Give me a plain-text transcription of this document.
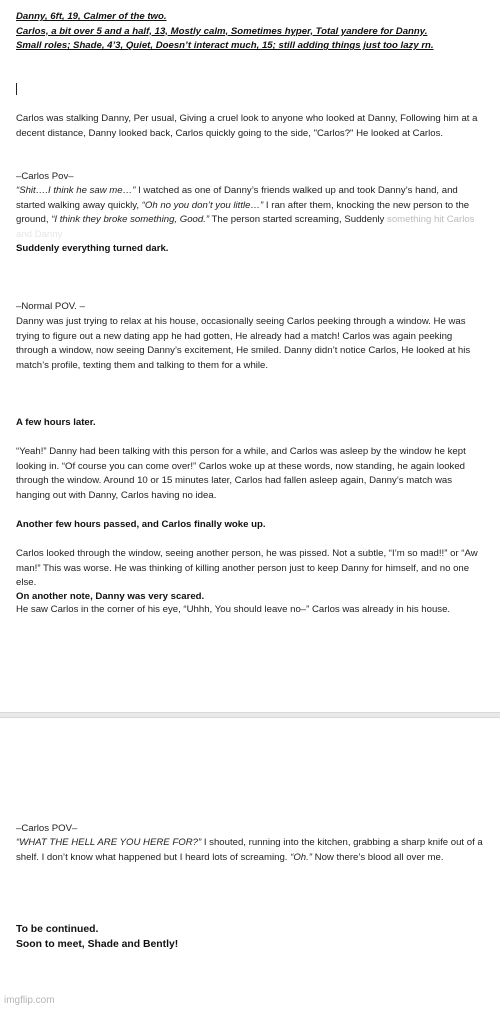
Danny, 6ft, 19, Calmer of the two.
Carlos, a bit over 5 and a half, 13, Mostly calm, Sometimes hyper, Total yandere for Danny.
Small roles; Shade, 4’3, Quiet, Doesn’t interact much, 15; still adding things just too lazy rn.

Carlos was stalking Danny, Per usual, Giving a cruel look to anyone who looked at Danny, Following him at a decent distance, Danny looked back, Carlos quickly going to the side, "Carlos?" He looked at Carlos.

–Carlos Pov–

“Shit….I think he saw me…” I watched as one of Danny’s friends walked up and took Danny’s hand, and started walking away quickly, “Oh no you don’t you little…” I ran after them, knocking the new person to the ground, “I think they broke something, Good.” The person started screaming, Suddenly something hit Carlos and Danny

Suddenly everything turned dark.

–Normal POV. –

Danny was just trying to relax at his house, occasionally seeing Carlos peeking through a window. He was trying to figure out a new dating app he had gotten, He already had a match! Carlos was again peeking through a window, now seeing Danny’s excitement, He smiled. Danny didn’t notice Carlos, He looked at his match’s profile, texting them and talking to them for a while.

A few hours later.

“Yeah!” Danny had been talking with this person for a while, and Carlos was asleep by the window he kept looking in. “Of course you can come over!” Carlos woke up at these words, now standing, he again looked through the window. Around 10 or 15 minutes later, Carlos had fallen asleep again, Danny’s match was hanging out with Danny, Carlos having no idea.

Another few hours passed, and Carlos finally woke up.

Carlos looked through the window, seeing another person, he was pissed. Not a subtle, “I’m so mad!!” or “Aw man!” This was worse. He was thinking of killing another person just to keep Danny for himself, and no one else.

On another note, Danny was very scared.

He saw Carlos in the corner of his eye, “Uhhh, You should leave no–” Carlos was already in his house.

–Carlos POV–

“WHAT THE HELL ARE YOU HERE FOR?” I shouted, running into the kitchen, grabbing a sharp knife out of a shelf. I don’t know what happened but I heard lots of screaming. “Oh.” Now there’s blood all over me.

To be continued.

Soon to meet, Shade and Bently!

imgflip.com
